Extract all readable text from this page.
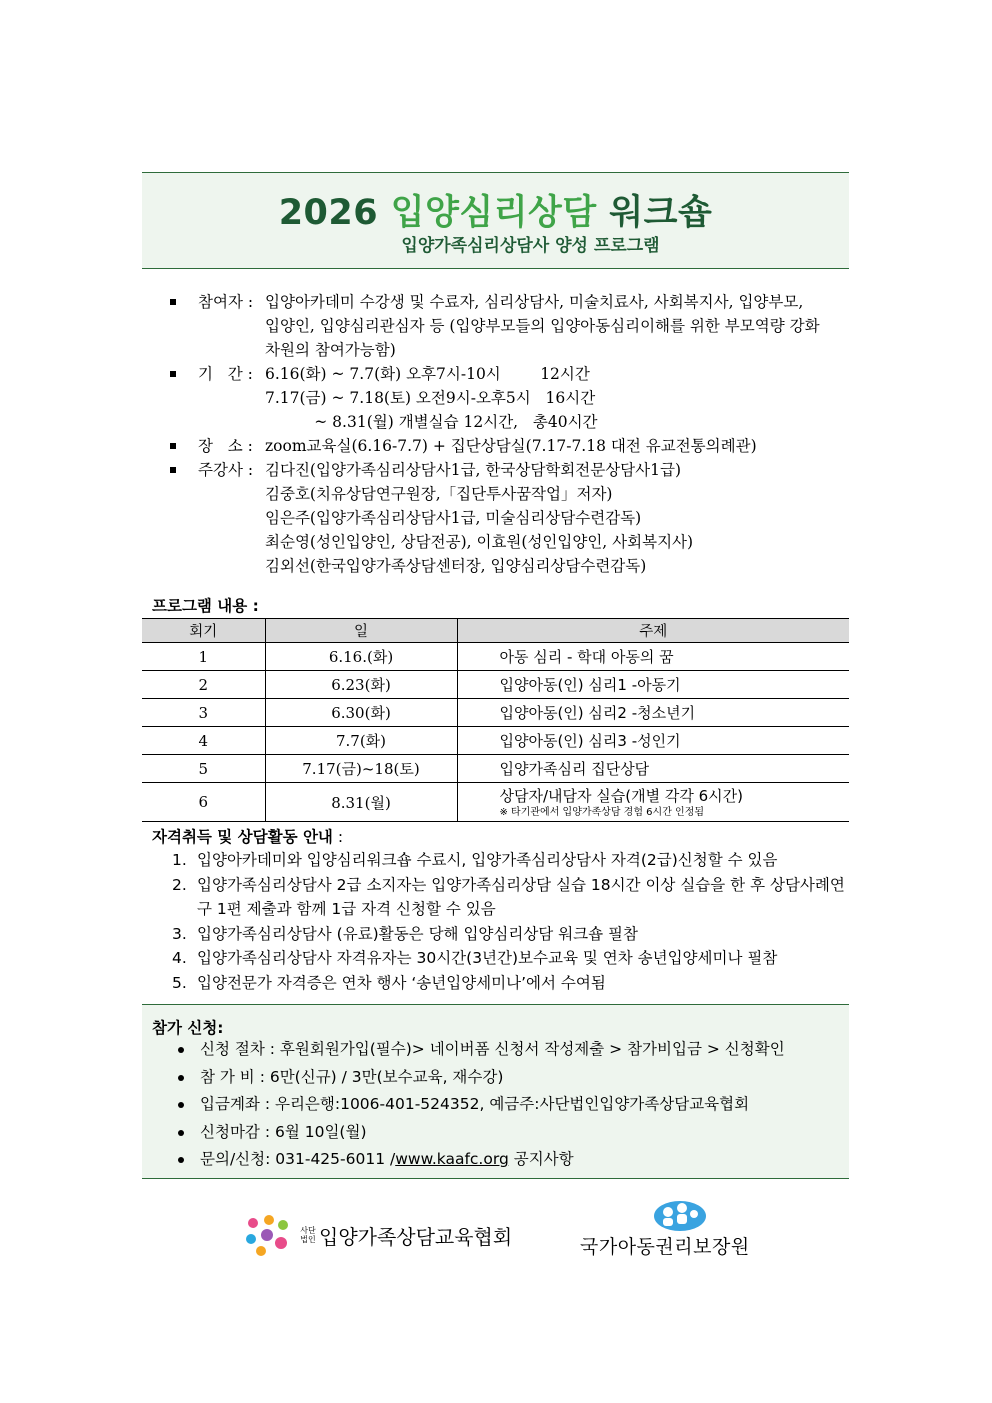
2026 입양심리상담 워크숍
입양가족심리상담사 양성 프로그램
참여자 : 입양아카데미 수강생 및 수료자, 심리상담사, 미술치료사, 사회복지사, 입양부모,
입양인, 입양심리관심자 등 (입양부모들의 입양아동심리이해를 위한 부모역량 강화
차원의 참여가능함)
기   간 : 6.16(화) ~ 7.7(화) 오후7시-10시        12시간
7.17(금) ~ 7.18(토) 오전9시-오후5시   16시간
~ 8.31(월) 개별실습 12시간,   총40시간
장   소 : zoom교육실(6.16-7.7) + 집단상담실(7.17-7.18 대전 유교전통의례관)
주강사 : 김다진(입양가족심리상담사1급, 한국상담학회전문상담사1급)
김중호(치유상담연구원장,「집단투사꿈작업」저자)
임은주(입양가족심리상담사1급, 미술심리상담수련감독)
최순영(성인입양인, 상담전공), 이효원(성인입양인, 사회복지사)
김외선(한국입양가족상담센터장, 입양심리상담수련감독)
프로그램 내용 :
회기	일	주제
1	6.16.(화)	아동 심리 - 학대 아동의 꿈
2	6.23(화)	입양아동(인) 심리1 -아동기
3	6.30(화)	입양아동(인) 심리2 -청소년기
4	7.7(화)	입양아동(인) 심리3 -성인기
5	7.17(금)~18(토)	입양가족심리 집단상담
6	8.31(월)	상담자/내담자 실습(개별 각각 6시간)
※ 타기관에서 입양가족상담 경험 6시간 인정됨
자격취득 및 상담활동 안내 :
1. 입양아카데미와 입양심리워크숍 수료시, 입양가족심리상담사 자격(2급)신청할 수 있음
2. 입양가족심리상담사 2급 소지자는 입양가족심리상담 실습 18시간 이상 실습을 한 후 상담사례연구 1편 제출과 함께 1급 자격 신청할 수 있음
3. 입양가족심리상담사 (유료)활동은 당해 입양심리상담 워크숍 필참
4. 입양가족심리상담사 자격유자는 30시간(3년간)보수교육 및 연차 송년입양세미나 필참
5. 입양전문가 자격증은 연차 행사 ‘송년입양세미나’에서 수여됨
참가 신청:
신청 절차 : 후원회원가입(필수)> 네이버폼 신청서 작성제출 > 참가비입금 > 신청확인
참 가 비 : 6만(신규) / 3만(보수교육, 재수강)
입금계좌 : 우리은행:1006-401-524352, 예금주:사단법인입양가족상담교육협회
신청마감 : 6월 10일(월)
문의/신청: 031-425-6011 /www.kaafc.org 공지사항
사단법인 입양가족상담교육협회	국가아동권리보장원
